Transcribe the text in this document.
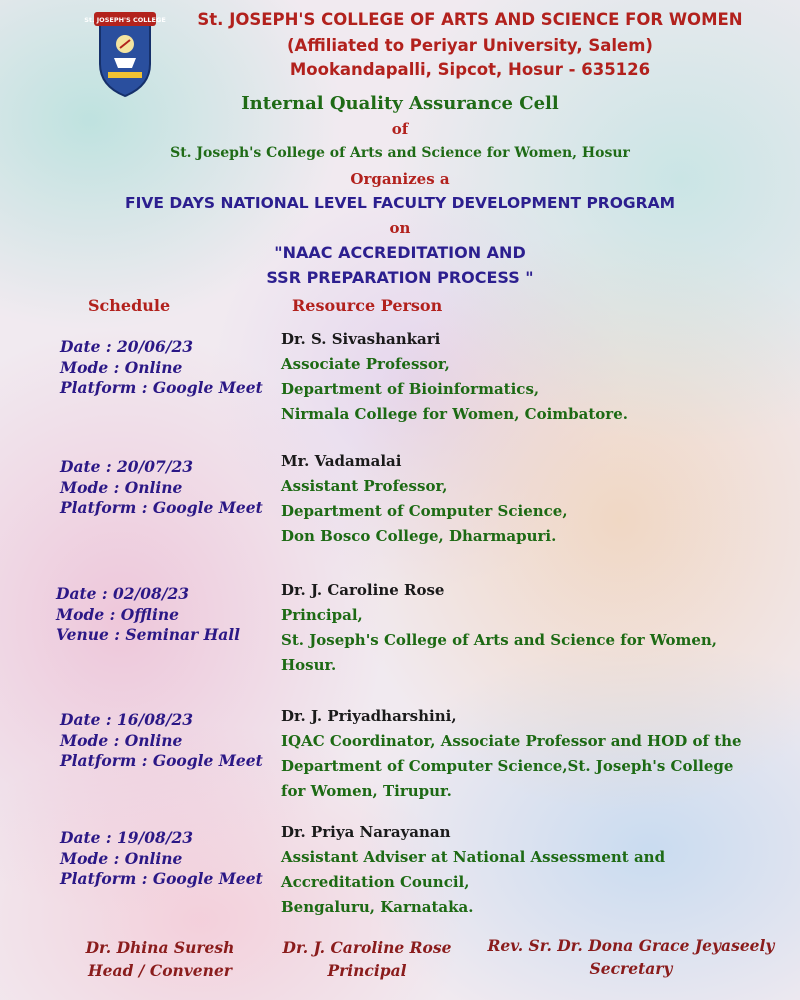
St. JOSEPH'S COLLEGE	St. JOSEPH'S COLLEGE OF ARTS AND SCIENCE FOR WOMEN
(Affiliated to Periyar University, Salem)
Mookandapalli, Sipcot, Hosur - 635126
Internal Quality Assurance Cell
of
St. Joseph's College of Arts and Science for Women, Hosur
Organizes a
FIVE DAYS NATIONAL LEVEL FACULTY DEVELOPMENT PROGRAM
on
"NAAC ACCREDITATION AND
SSR PREPARATION PROCESS "
Schedule	Resource Person
Date : 20/06/23
Mode : Online
Platform : Google Meet
Dr. S. Sivashankari
Associate Professor,
Department of Bioinformatics,
Nirmala College for Women, Coimbatore.
Date : 20/07/23
Mode : Online
Platform : Google Meet
Mr. Vadamalai
Assistant Professor,
Department of Computer Science,
Don Bosco College, Dharmapuri.
Date : 02/08/23
Mode : Offline
Venue : Seminar Hall
Dr. J. Caroline Rose
Principal,
St. Joseph's College of Arts and Science for Women,
Hosur.
Date : 16/08/23
Mode : Online
Platform : Google Meet
Dr. J. Priyadharshini,
IQAC Coordinator, Associate Professor and HOD of the
Department of Computer Science,St. Joseph's College
for Women, Tirupur.
Date : 19/08/23
Mode : Online
Platform : Google Meet
Dr. Priya Narayanan
Assistant Adviser at National Assessment and
Accreditation Council,
Bengaluru, Karnataka.
Dr. Dhina Suresh
Head / Convener
Dr. J. Caroline Rose
Principal
Rev. Sr. Dr. Dona Grace Jeyaseely
Secretary
